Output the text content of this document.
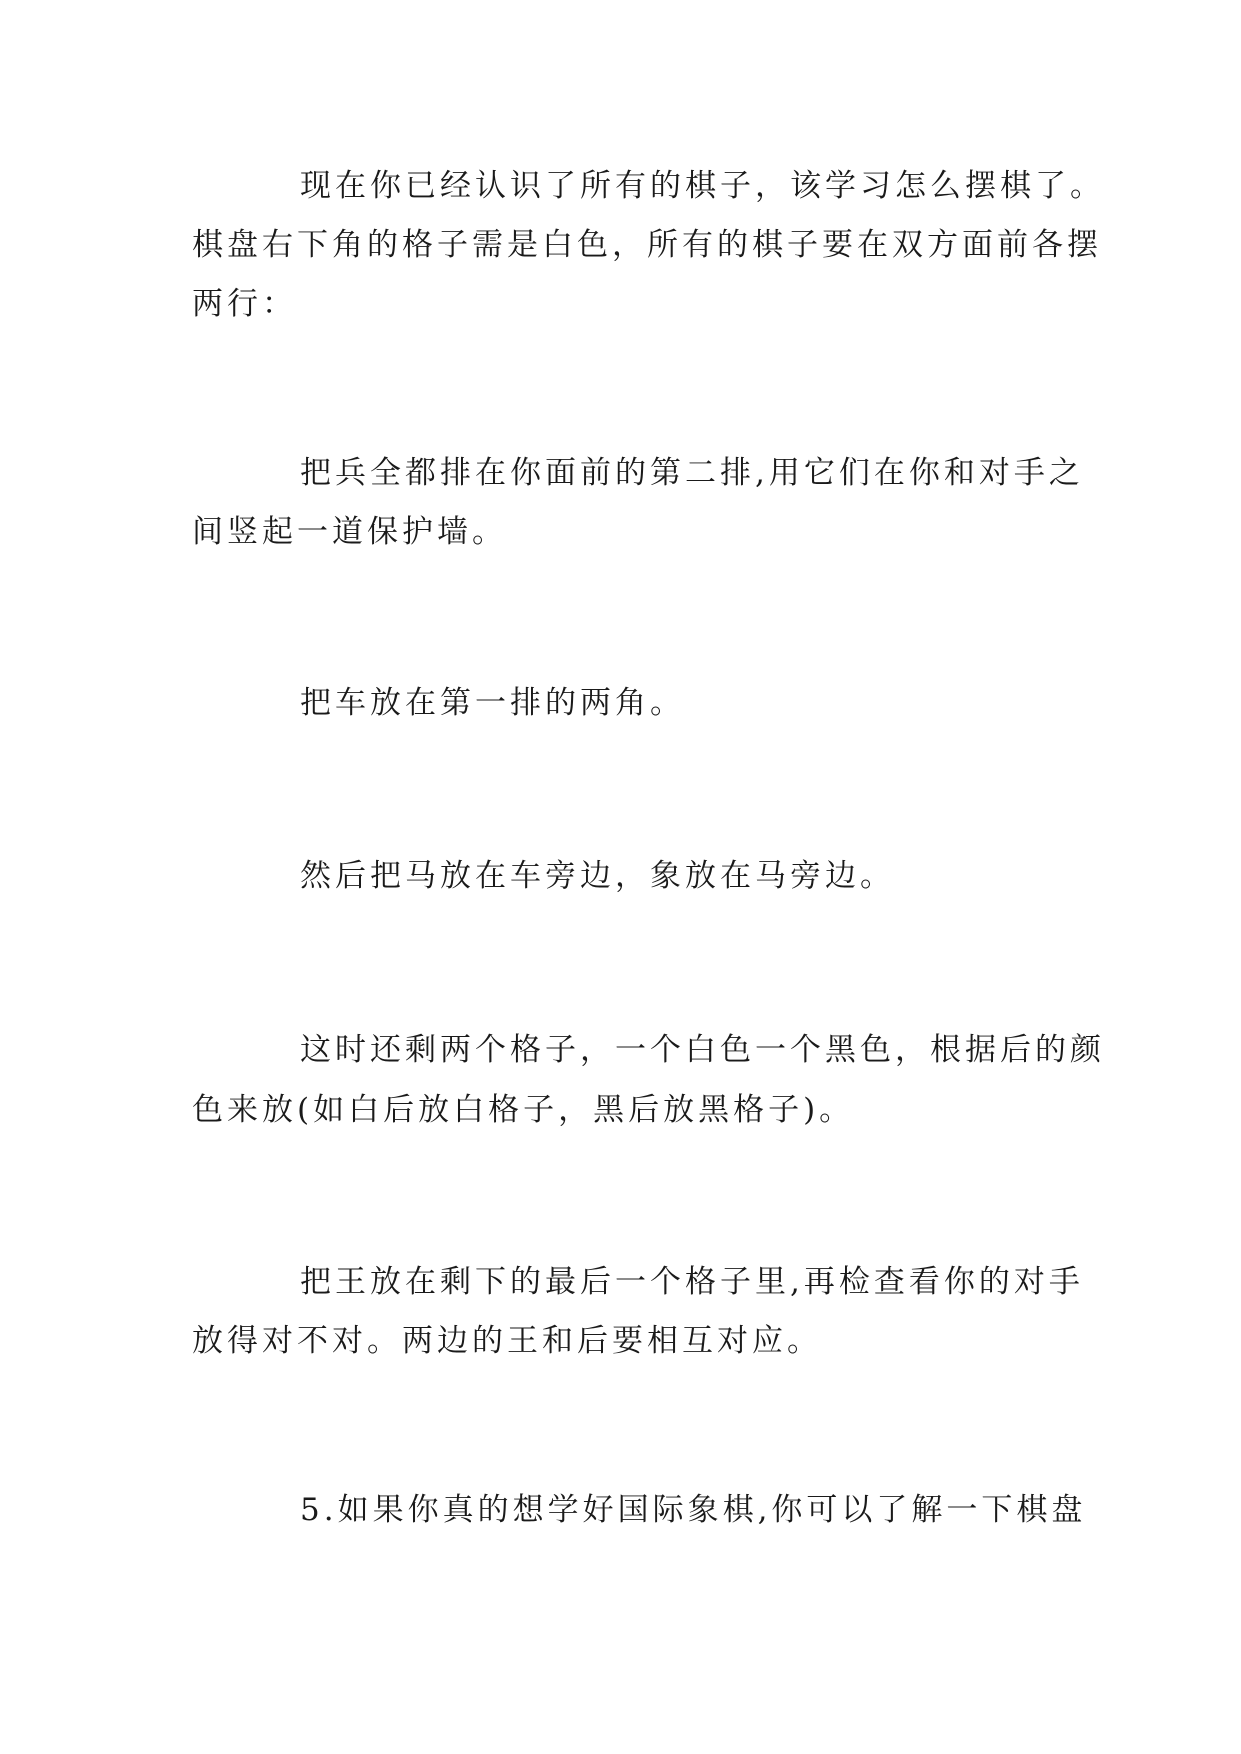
现在你已经认识了所有的棋子，该学习怎么摆棋了。

棋盘右下角的格子需是白色，所有的棋子要在双方面前各摆

两行：

把兵全都排在你面前的第二排,用它们在你和对手之

间竖起一道保护墙。

把车放在第一排的两角。

然后把马放在车旁边，象放在马旁边。

这时还剩两个格子，一个白色一个黑色，根据后的颜

色来放(如白后放白格子，黑后放黑格子)。

把王放在剩下的最后一个格子里,再检查看你的对手

放得对不对。两边的王和后要相互对应。

5.如果你真的想学好国际象棋,你可以了解一下棋盘
